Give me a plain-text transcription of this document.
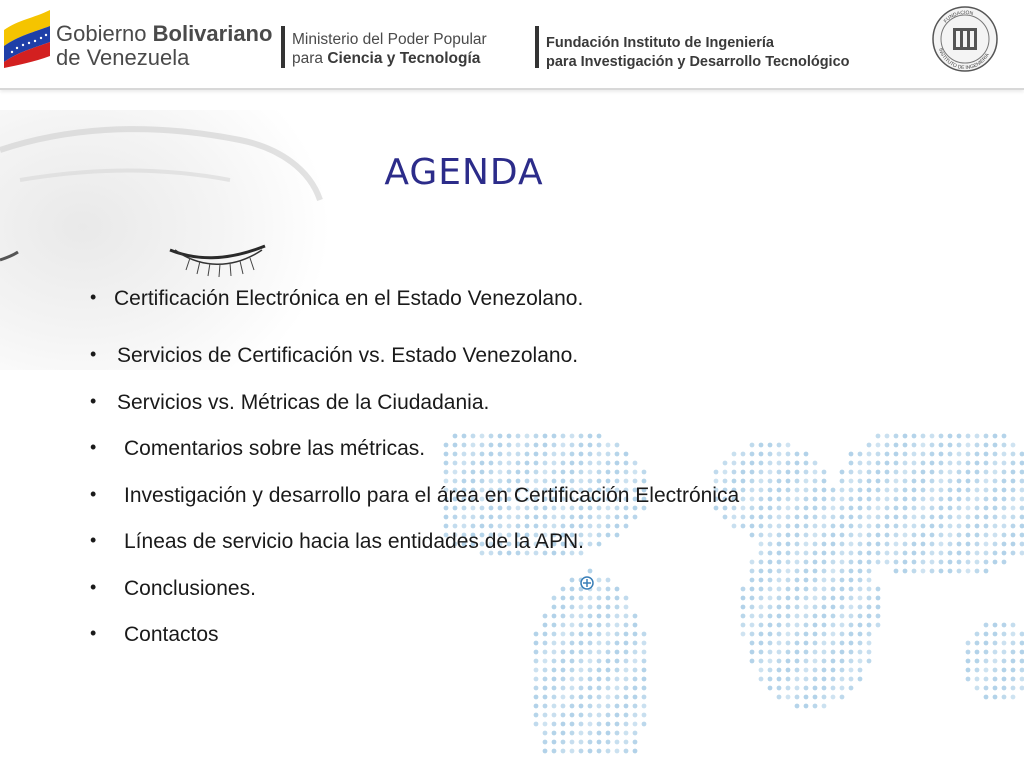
Gobierno Bolivariano
de Venezuela
Ministerio del Poder Popular
para Ciencia y Tecnología
Fundación Instituto de Ingeniería
para Investigación y Desarrollo Tecnológico
FUNDACION
INSTITUTO DE INGENIERIA
AGENDA
• Certificación Electrónica en el Estado Venezolano.
• Servicios de Certificación vs. Estado Venezolano.
• Servicios vs. Métricas de la Ciudadania.
• Comentarios sobre las métricas.
• Investigación y desarrollo para el área en Certificación Electrónica
• Líneas de servicio hacia las entidades de la APN.
• Conclusiones.
• Contactos
